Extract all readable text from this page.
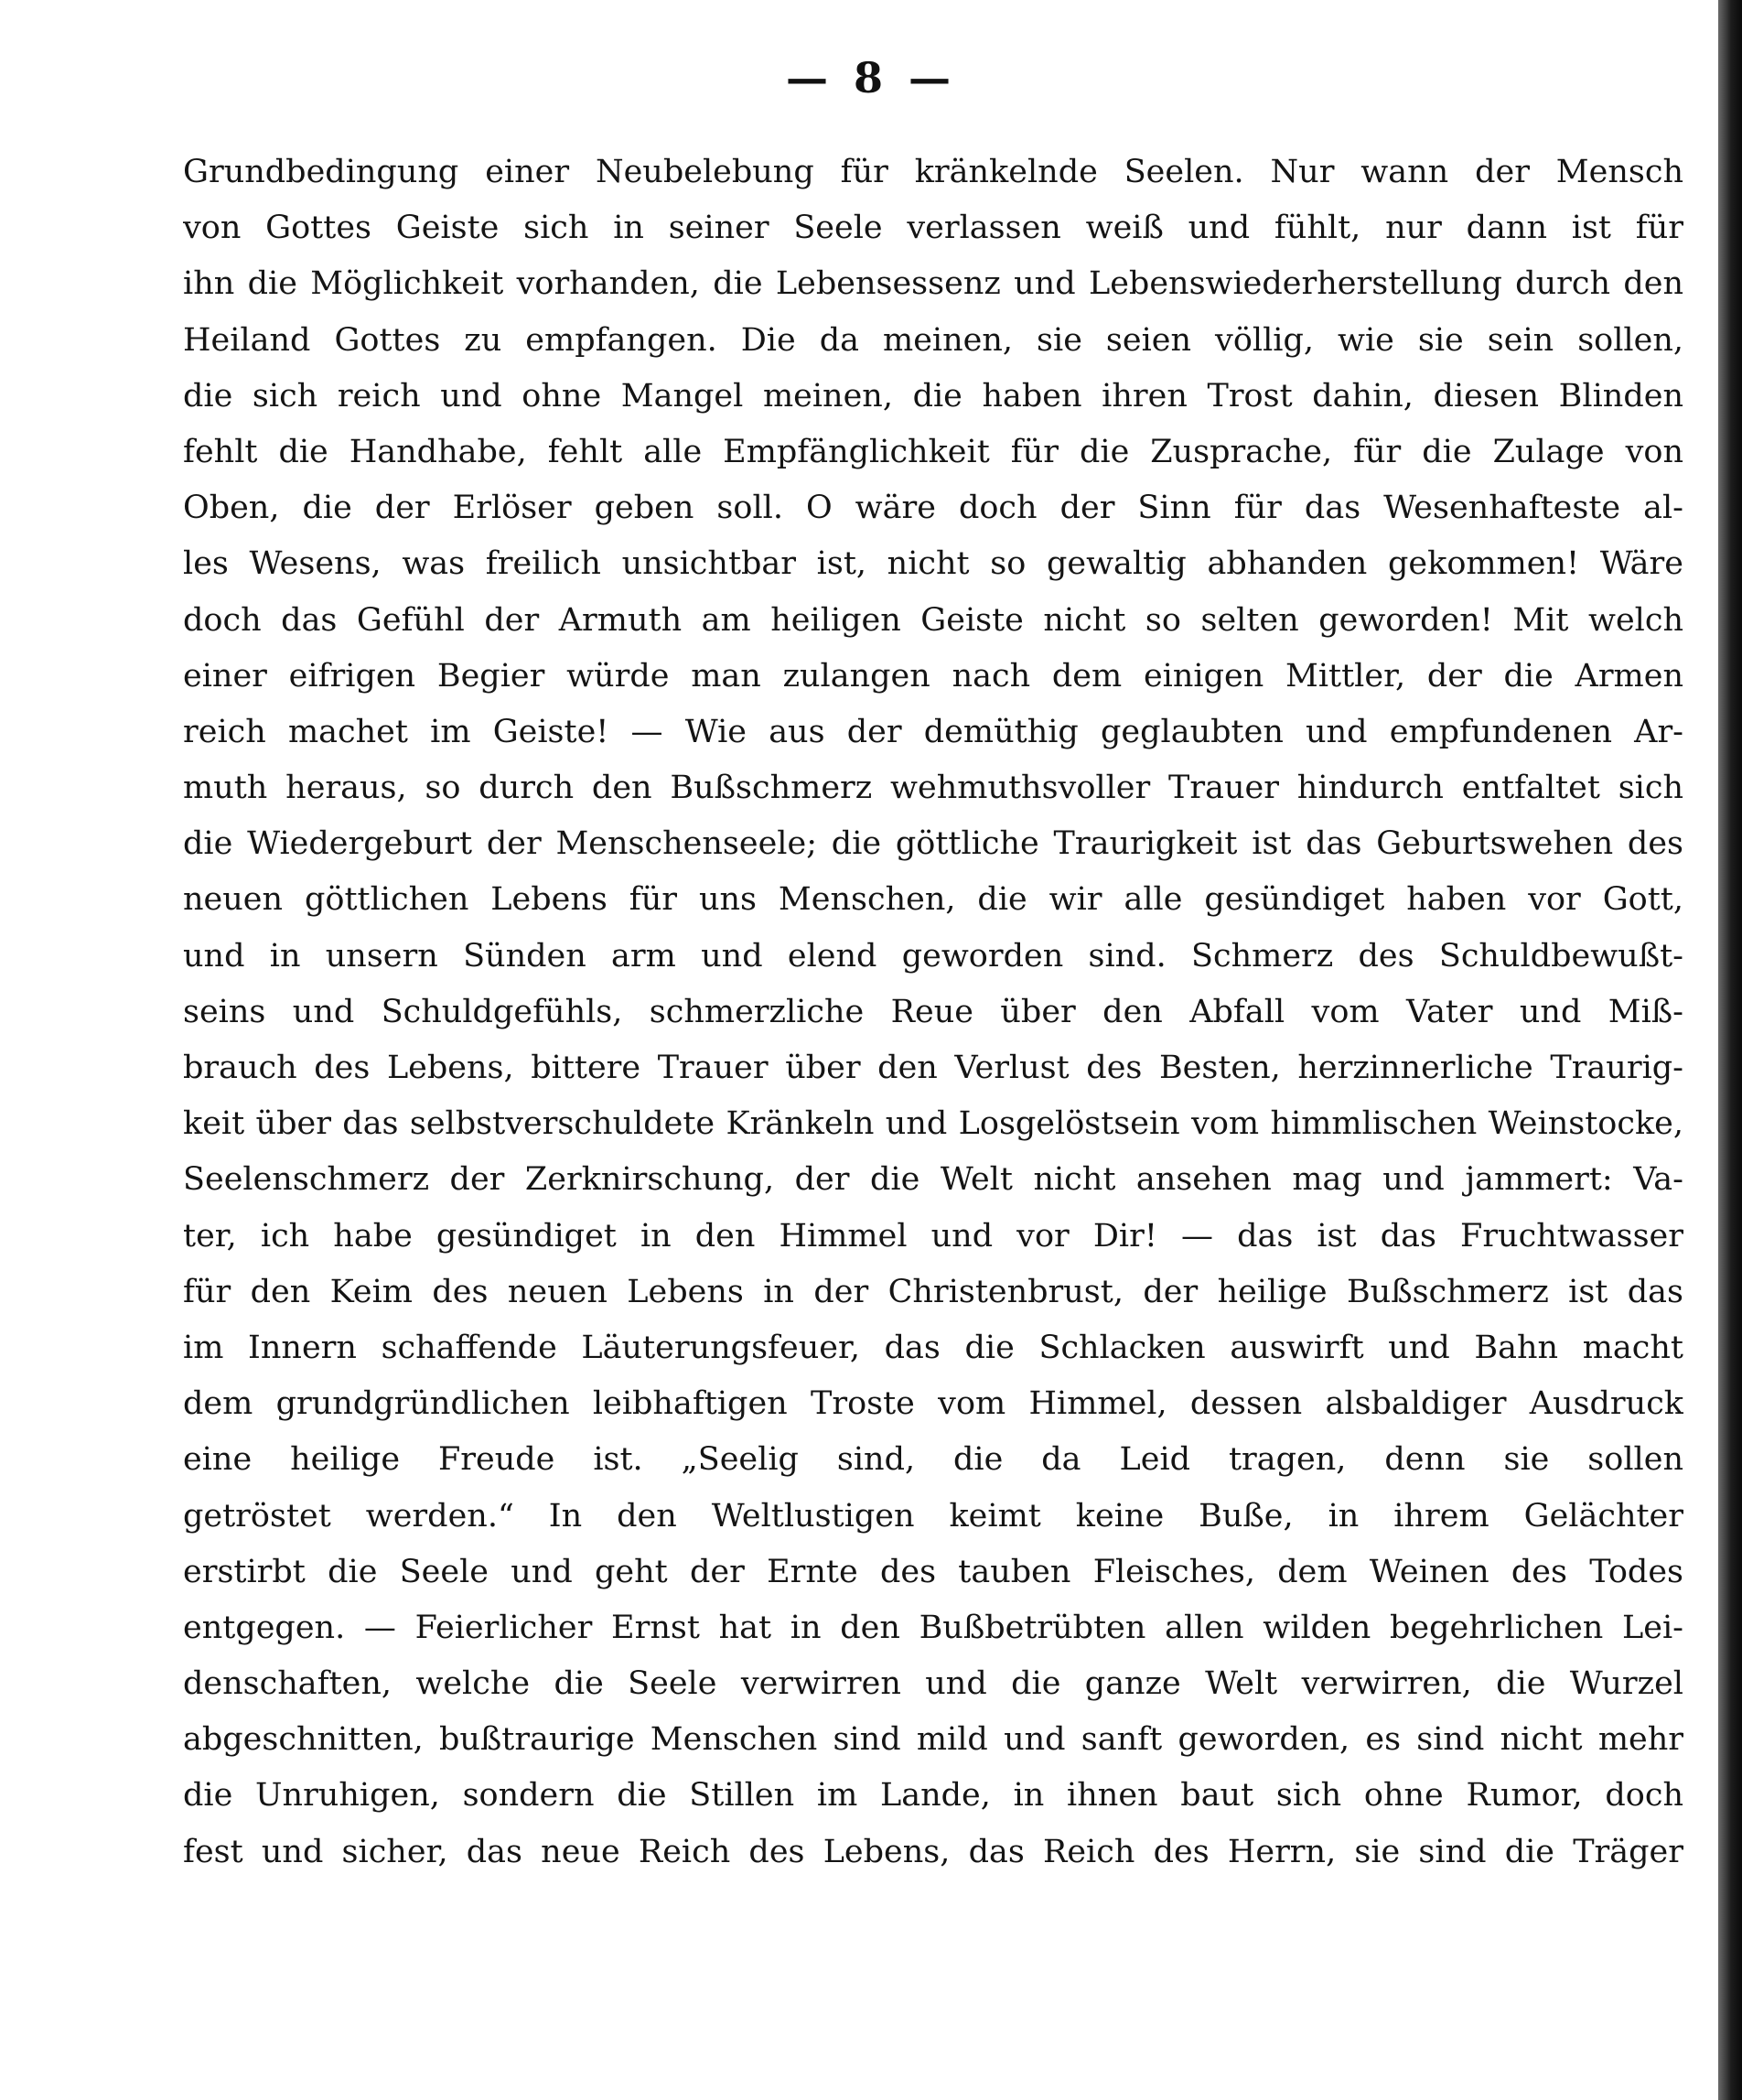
— 8 —
Grundbedingung einer Neubelebung für kränkelnde Seelen. Nur wann der Mensch
von Gottes Geiste sich in seiner Seele verlassen weiß und fühlt, nur dann ist für
ihn die Möglichkeit vorhanden, die Lebensessenz und Lebenswiederherstellung durch den
Heiland Gottes zu empfangen. Die da meinen, sie seien völlig, wie sie sein sollen,
die sich reich und ohne Mangel meinen, die haben ihren Trost dahin, diesen Blinden
fehlt die Handhabe, fehlt alle Empfänglichkeit für die Zusprache, für die Zulage von
Oben, die der Erlöser geben soll. O wäre doch der Sinn für das Wesenhafteste al-
les Wesens, was freilich unsichtbar ist, nicht so gewaltig abhanden gekommen! Wäre
doch das Gefühl der Armuth am heiligen Geiste nicht so selten geworden! Mit welch
einer eifrigen Begier würde man zulangen nach dem einigen Mittler, der die Armen
reich machet im Geiste! — Wie aus der demüthig geglaubten und empfundenen Ar-
muth heraus, so durch den Bußschmerz wehmuthsvoller Trauer hindurch entfaltet sich
die Wiedergeburt der Menschenseele; die göttliche Traurigkeit ist das Geburtswehen des
neuen göttlichen Lebens für uns Menschen, die wir alle gesündiget haben vor Gott,
und in unsern Sünden arm und elend geworden sind. Schmerz des Schuldbewußt-
seins und Schuldgefühls, schmerzliche Reue über den Abfall vom Vater und Miß-
brauch des Lebens, bittere Trauer über den Verlust des Besten, herzinnerliche Traurig-
keit über das selbstverschuldete Kränkeln und Losgelöstsein vom himmlischen Weinstocke,
Seelenschmerz der Zerknirschung, der die Welt nicht ansehen mag und jammert: Va-
ter, ich habe gesündiget in den Himmel und vor Dir! — das ist das Fruchtwasser
für den Keim des neuen Lebens in der Christenbrust, der heilige Bußschmerz ist das
im Innern schaffende Läuterungsfeuer, das die Schlacken auswirft und Bahn macht
dem grundgründlichen leibhaftigen Troste vom Himmel, dessen alsbaldiger Ausdruck
eine heilige Freude ist. „Seelig sind, die da Leid tragen, denn sie sollen
getröstet werden.“ In den Weltlustigen keimt keine Buße, in ihrem Gelächter
erstirbt die Seele und geht der Ernte des tauben Fleisches, dem Weinen des Todes
entgegen. — Feierlicher Ernst hat in den Bußbetrübten allen wilden begehrlichen Lei-
denschaften, welche die Seele verwirren und die ganze Welt verwirren, die Wurzel
abgeschnitten, bußtraurige Menschen sind mild und sanft geworden, es sind nicht mehr
die Unruhigen, sondern die Stillen im Lande, in ihnen baut sich ohne Rumor, doch
fest und sicher, das neue Reich des Lebens, das Reich des Herrn, sie sind die Träger
